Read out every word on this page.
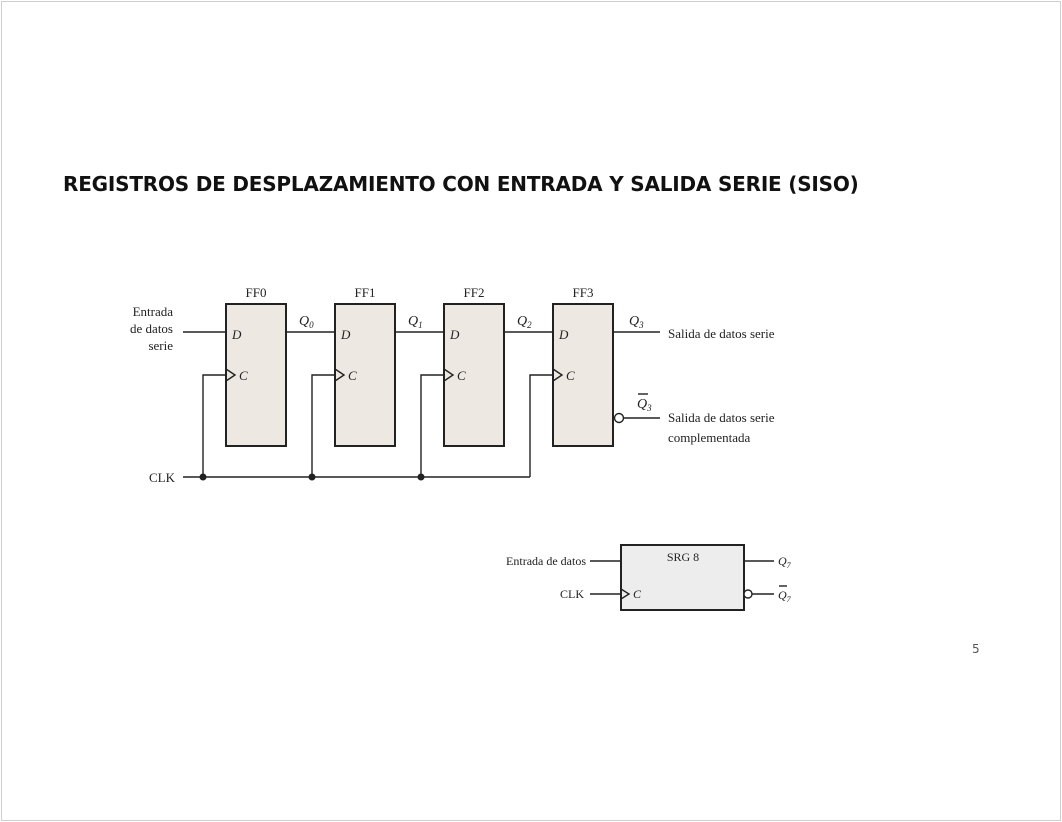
REGISTROS DE DESPLAZAMIENTO CON ENTRADA Y SALIDA SERIE (SISO)
5
Entrada
de datos
serie
FF0
D
C
FF1
D
C
FF2
D
C
FF3
D
C
$Q_0$	$Q_1$	$Q_2$	$Q_3$
Salida de datos serie
$Q_3$
Salida de datos serie
complementada
CLK
SRG 8
Entrada de datos
CLK	C
$Q_7$
$Q_7$
